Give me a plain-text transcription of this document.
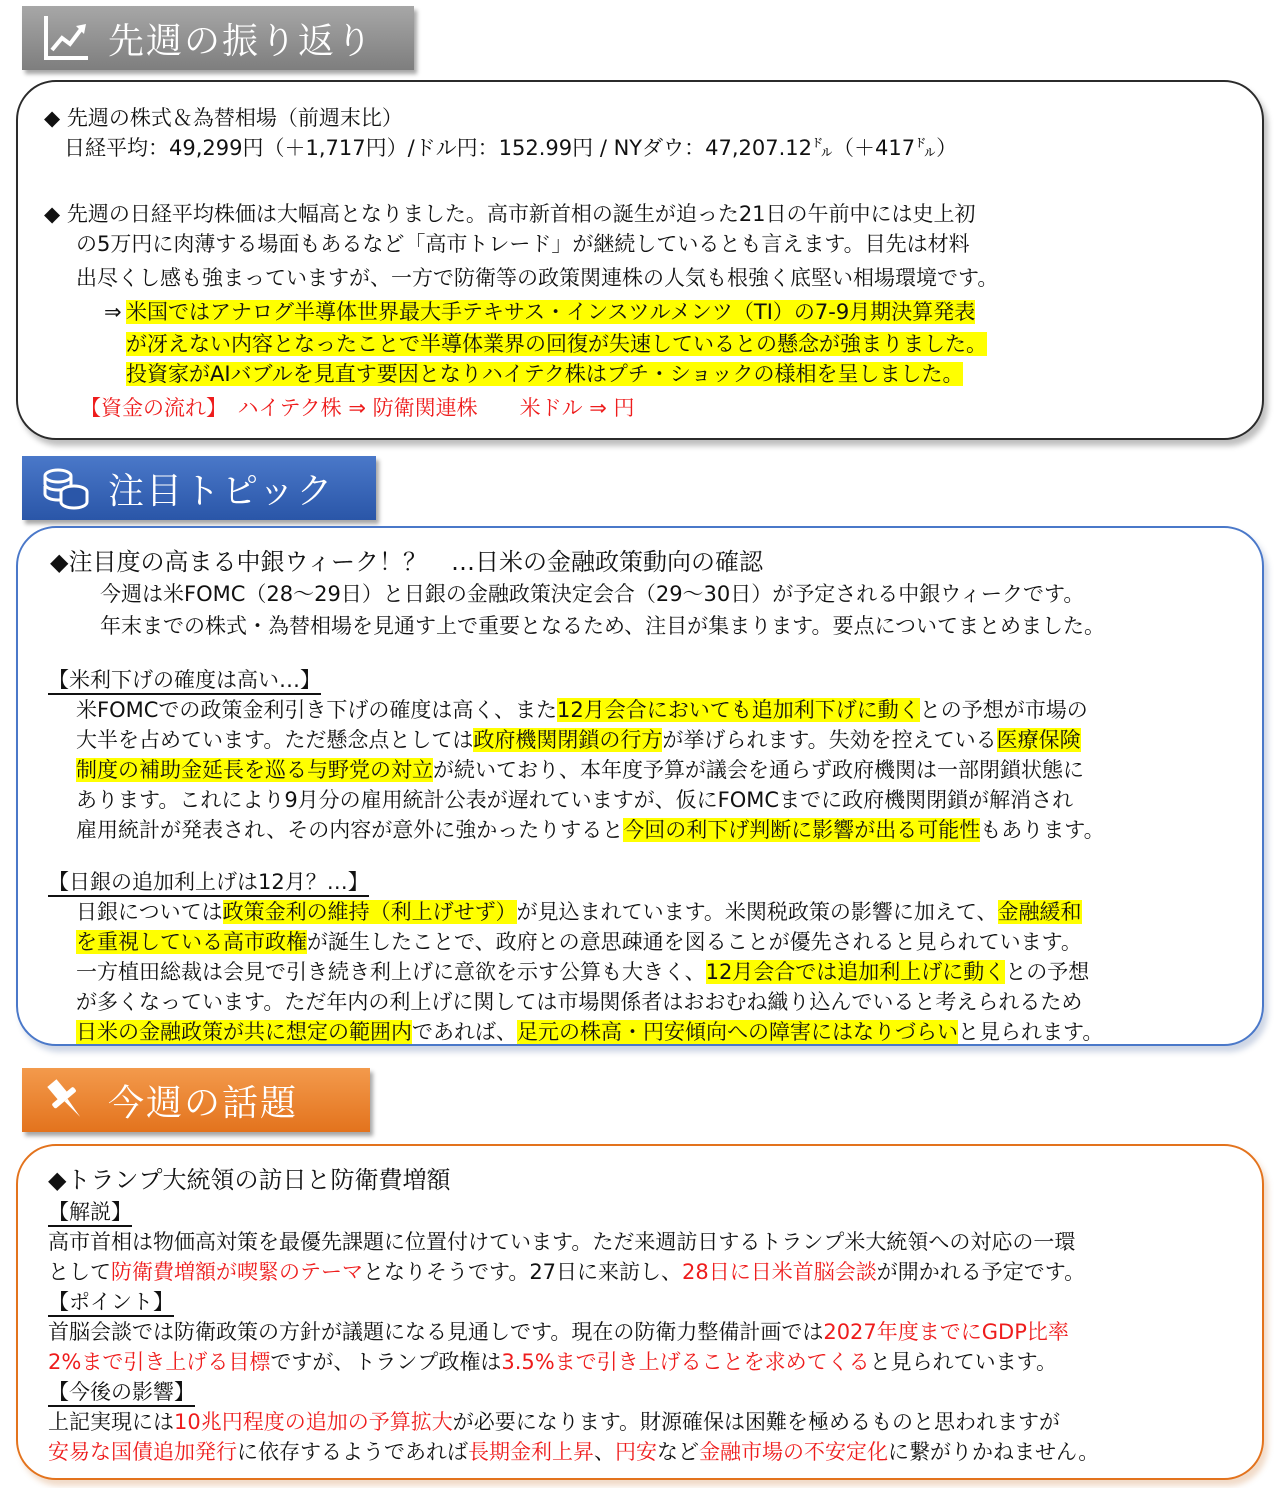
先週の振り返り
◆ 先週の株式＆為替相場（前週末比）
日経平均：49,299円（＋1,717円）/ドル円：152.99円 / NYダウ：47,207.12㌦（＋417㌦）
◆ 先週の日経平均株価は大幅高となりました。高市新首相の誕生が迫った21日の午前中には史上初
の5万円に肉薄する場面もあるなど「高市トレード」が継続しているとも言えます。目先は材料
出尽くし感も強まっていますが、一方で防衛等の政策関連株の人気も根強く底堅い相場環境です。
⇒ 米国ではアナログ半導体世界最大手テキサス・インスツルメンツ（TI）の7-9月期決算発表
が冴えない内容となったことで半導体業界の回復が失速しているとの懸念が強まりました。
投資家がAIバブルを見直す要因となりハイテク株はプチ・ショックの様相を呈しました。
【資金の流れ】　ハイテク株 ⇒ 防衛関連株　　米ドル ⇒ 円
注目トピック
◆注目度の高まる中銀ウィーク！？　…日米の金融政策動向の確認
今週は米FOMC（28～29日）と日銀の金融政策決定会合（29～30日）が予定される中銀ウィークです。
年末までの株式・為替相場を見通す上で重要となるため、注目が集まります。要点についてまとめました。
【米利下げの確度は高い…】
米FOMCでの政策金利引き下げの確度は高く、また12月会合においても追加利下げに動くとの予想が市場の
大半を占めています。ただ懸念点としては政府機関閉鎖の行方が挙げられます。失効を控えている医療保険
制度の補助金延長を巡る与野党の対立が続いており、本年度予算が議会を通らず政府機関は一部閉鎖状態に
あります。これにより9月分の雇用統計公表が遅れていますが、仮にFOMCまでに政府機関閉鎖が解消され
雇用統計が発表され、その内容が意外に強かったりすると今回の利下げ判断に影響が出る可能性もあります。
【日銀の追加利上げは12月？…】
日銀については政策金利の維持（利上げせず）が見込まれています。米関税政策の影響に加えて、金融緩和
を重視している高市政権が誕生したことで、政府との意思疎通を図ることが優先されると見られています。
一方植田総裁は会見で引き続き利上げに意欲を示す公算も大きく、12月会合では追加利上げに動くとの予想
が多くなっています。ただ年内の利上げに関しては市場関係者はおおむね織り込んでいると考えられるため
日米の金融政策が共に想定の範囲内であれば、足元の株高・円安傾向への障害にはなりづらいと見られます。
今週の話題
◆トランプ大統領の訪日と防衛費増額
【解説】
高市首相は物価高対策を最優先課題に位置付けています。ただ来週訪日するトランプ米大統領への対応の一環
として防衛費増額が喫緊のテーマとなりそうです。27日に来訪し、28日に日米首脳会談が開かれる予定です。
【ポイント】
首脳会談では防衛政策の方針が議題になる見通しです。現在の防衛力整備計画では2027年度までにGDP比率
2%まで引き上げる目標ですが、トランプ政権は3.5%まで引き上げることを求めてくると見られています。
【今後の影響】
上記実現には10兆円程度の追加の予算拡大が必要になります。財源確保は困難を極めるものと思われますが
安易な国債追加発行に依存するようであれば長期金利上昇、円安など金融市場の不安定化に繋がりかねません。
